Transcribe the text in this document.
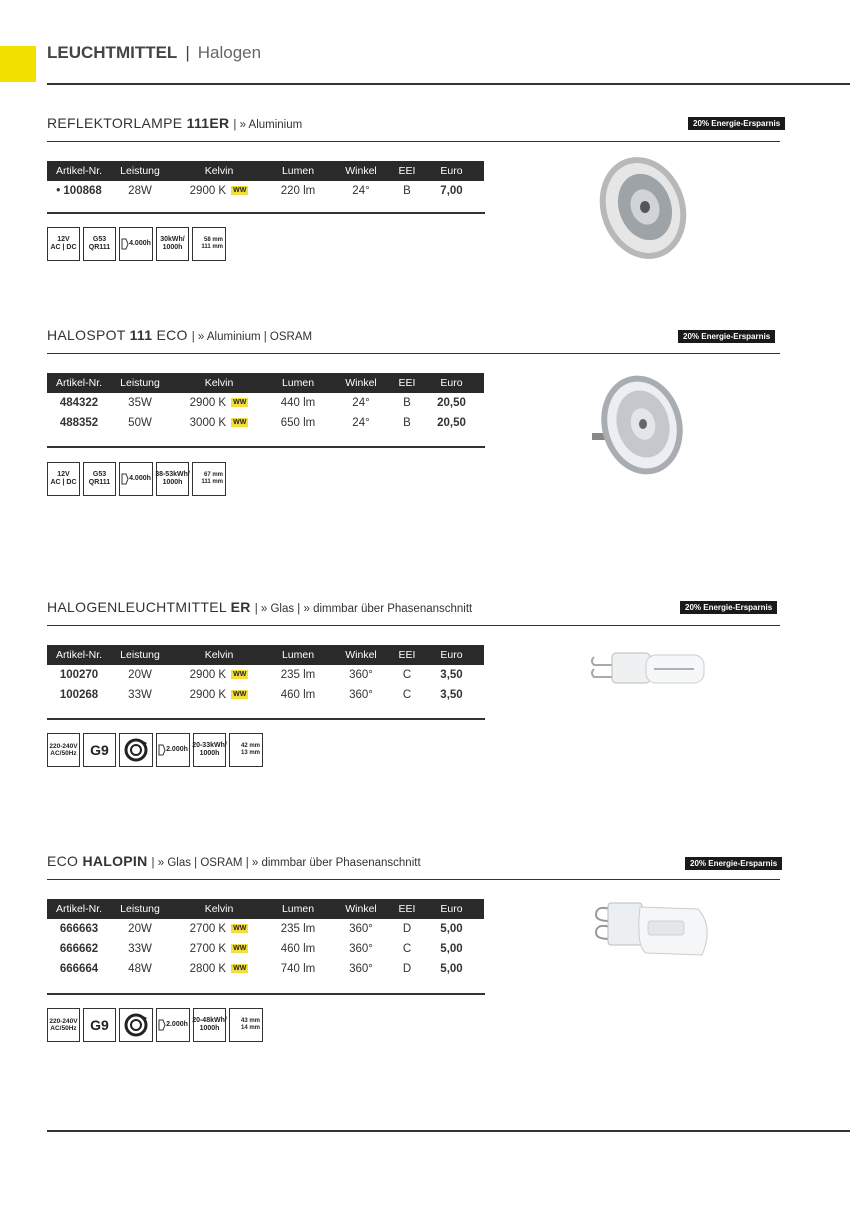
LEUCHTMITTEL | Halogen
REFLEKTORLAMPE 111ER | » Aluminium	20% Energie-Ersparnis
Artikel-Nr.	Leistung	Kelvin	Lumen	Winkel	EEI	Euro
• 100868	28W	2900 K WW	220 lm	24°	B	7,00
12V
AC | DC
G53
QR111
4.000h
30kWh/
1000h
58 mm
111 mm
HALOSPOT 111 ECO | » Aluminium | OSRAM	20% Energie-Ersparnis
Artikel-Nr.	Leistung	Kelvin	Lumen	Winkel	EEI	Euro
484322	35W	2900 K WW	440 lm	24°	B	20,50
488352	50W	3000 K WW	650 lm	24°	B	20,50
12V
AC | DC
G53
QR111
4.000h
38-53kWh/
1000h
67 mm
111 mm
HALOGENLEUCHTMITTEL ER | » Glas | » dimmbar über Phasenanschnitt	20% Energie-Ersparnis
Artikel-Nr.	Leistung	Kelvin	Lumen	Winkel	EEI	Euro
100270	20W	2900 K WW	235 lm	360°	C	3,50
100268	33W	2900 K WW	460 lm	360°	C	3,50
220-240V
AC/50Hz G9	2.000h
20-33kWh/
1000h
42 mm
13 mm
ECO HALOPIN | » Glas | OSRAM | » dimmbar über Phasenanschnitt	20% Energie-Ersparnis
Artikel-Nr.	Leistung	Kelvin	Lumen	Winkel	EEI	Euro
666663	20W	2700 K WW	235 lm	360°	D	5,00
666662	33W	2700 K WW	460 lm	360°	C	5,00
666664	48W	2800 K WW	740 lm	360°	D	5,00
220-240V
AC/50Hz G9	2.000h
20-48kWh/
1000h
43 mm
14 mm
